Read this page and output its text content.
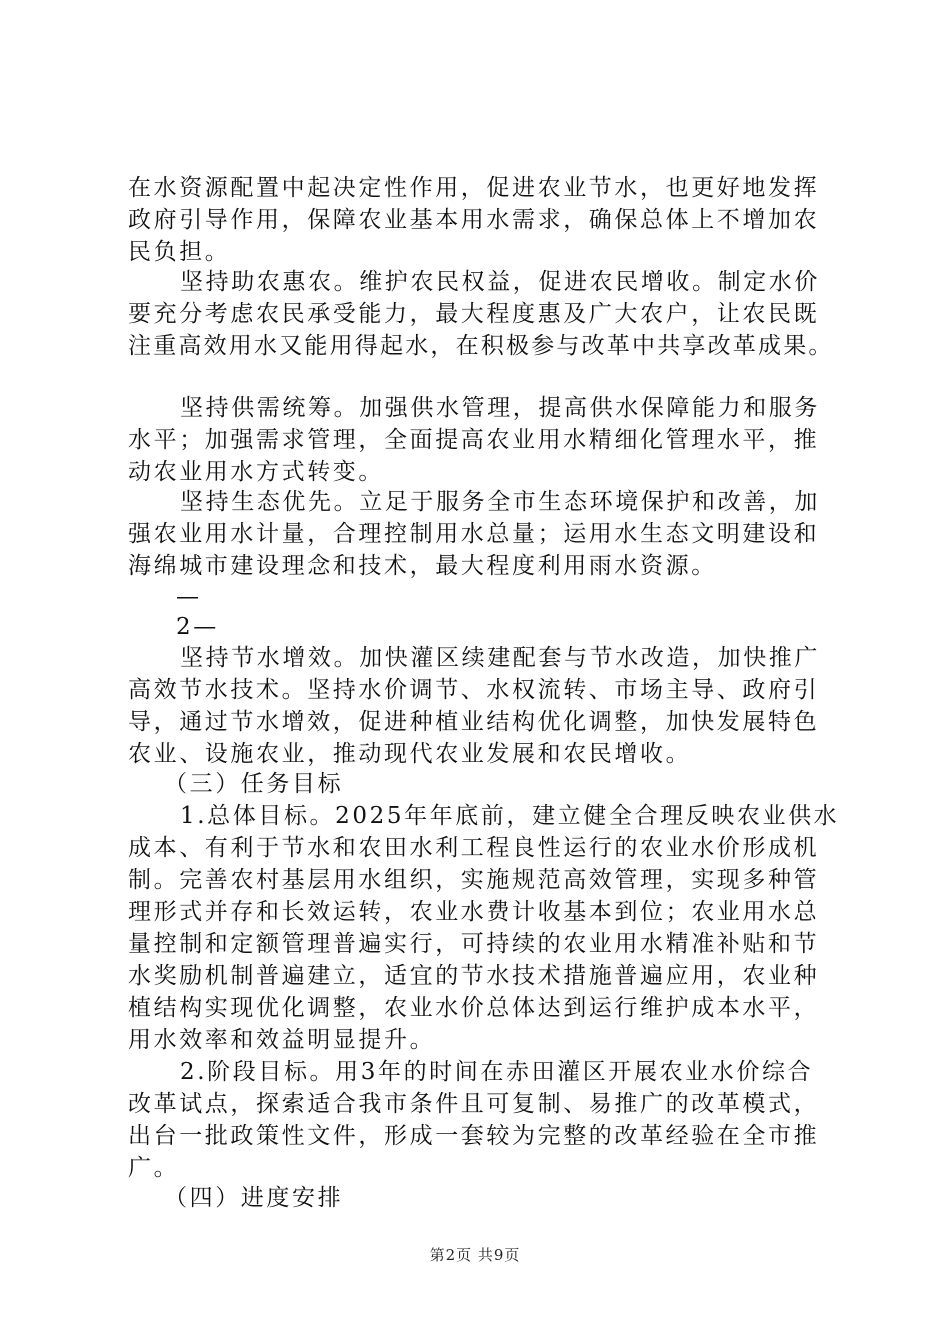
在水资源配置中起决定性作用，促进农业节水，也更好地发挥
政府引导作用，保障农业基本用水需求，确保总体上不增加农
民负担。
坚持助农惠农。维护农民权益，促进农民增收。制定水价
要充分考虑农民承受能力，最大程度惠及广大农户，让农民既
注重高效用水又能用得起水，在积极参与改革中共享改革成果。
坚持供需统筹。加强供水管理，提高供水保障能力和服务
水平；加强需求管理，全面提高农业用水精细化管理水平，推
动农业用水方式转变。
坚持生态优先。立足于服务全市生态环境保护和改善，加
强农业用水计量，合理控制用水总量；运用水生态文明建设和
海绵城市建设理念和技术，最大程度利用雨水资源。
—
2—
坚持节水增效。加快灌区续建配套与节水改造，加快推广
高效节水技术。坚持水价调节、水权流转、市场主导、政府引
导，通过节水增效，促进种植业结构优化调整，加快发展特色
农业、设施农业，推动现代农业发展和农民增收。
（三）任务目标
1.总体目标。2025年年底前，建立健全合理反映农业供水
成本、有利于节水和农田水利工程良性运行的农业水价形成机
制。完善农村基层用水组织，实施规范高效管理，实现多种管
理形式并存和长效运转，农业水费计收基本到位；农业用水总
量控制和定额管理普遍实行，可持续的农业用水精准补贴和节
水奖励机制普遍建立，适宜的节水技术措施普遍应用，农业种
植结构实现优化调整，农业水价总体达到运行维护成本水平，
用水效率和效益明显提升。
2.阶段目标。用3年的时间在赤田灌区开展农业水价综合
改革试点，探索适合我市条件且可复制、易推广的改革模式，
出台一批政策性文件，形成一套较为完整的改革经验在全市推
广。
（四）进度安排
第2页 共9页
